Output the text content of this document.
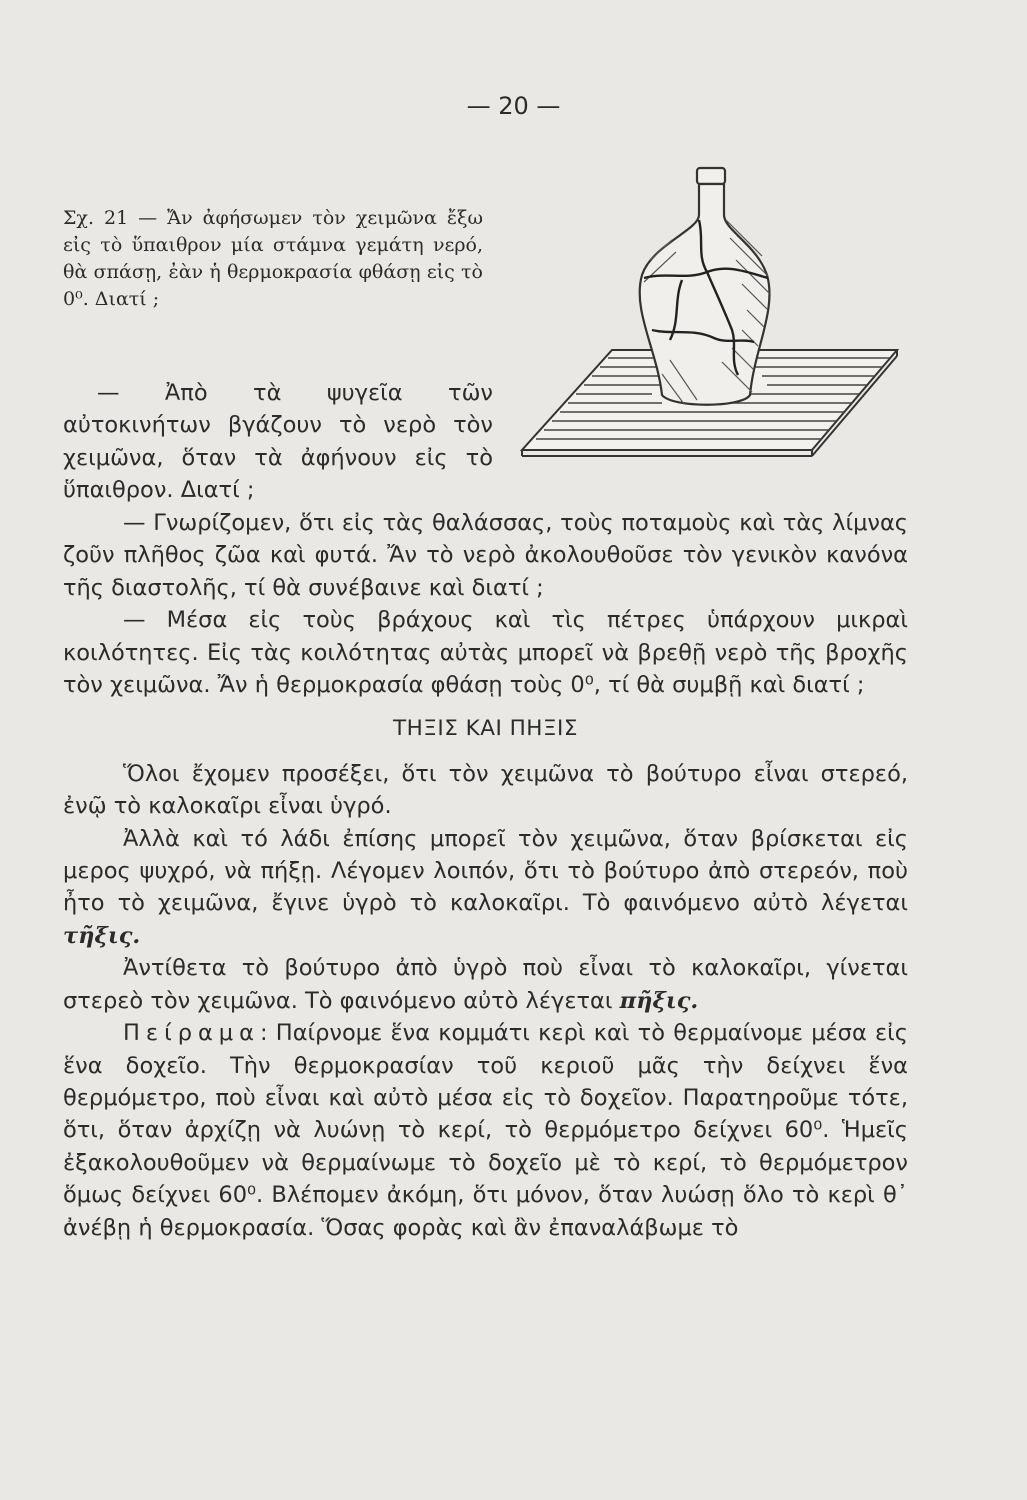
— 20 —
Σχ. 21 — Ἄν ἀφήσωμεν τὸν χειμῶνα ἔξω εἰς τὸ ὕπαιθρον μία στάμνα γεμάτη νερό, θὰ σπάσῃ, ἐὰν ἡ θερμοκρασία φθάσῃ εἰς τὸ 0⁰. Διατί ;

— Ἀπὸ τὰ ψυγεῖα τῶν αὐτοκινήτων βγάζουν τὸ νερὸ τὸν χειμῶνα, ὅταν τὰ ἀφήνουν εἰς τὸ ὕπαιθρον. Διατί ;

— Γνωρίζομεν, ὅτι εἰς τὰς θαλάσσας, τοὺς ποταμοὺς καὶ τὰς λίμνας ζοῦν πλῆθος ζῶα καὶ φυτά. Ἄν τὸ νερὸ ἀκολουθοῦσε τὸν γενικὸν κανόνα τῆς διαστολῆς, τί θὰ συνέβαινε καὶ διατί ;

— Μέσα εἰς τοὺς βράχους καὶ τὶς πέτρες ὑπάρχουν μικραὶ κοιλότητες. Εἰς τὰς κοιλότητας αὐτὰς μπορεῖ νὰ βρεθῇ νερὸ τῆς βροχῆς τὸν χειμῶνα. Ἄν ἡ θερμοκρασία φθάσῃ τοὺς 0⁰, τί θὰ συμβῇ καὶ διατί ;

ΤΗΞΙΣ ΚΑΙ ΠΗΞΙΣ

Ὅλοι ἔχομεν προσέξει, ὅτι τὸν χειμῶνα τὸ βούτυρο εἶναι στερεό, ἐνῷ τὸ καλοκαῖρι εἶναι ὑγρό.

Ἀλλὰ καὶ τό λάδι ἐπίσης μπορεῖ τὸν χειμῶνα, ὅταν βρίσκεται εἰς μερος ψυχρό, νὰ πήξῃ. Λέγομεν λοιπόν, ὅτι τὸ βούτυρο ἀπὸ στερεόν, ποὺ ἦτο τὸ χειμῶνα, ἔγινε ὑγρὸ τὸ καλοκαῖρι. Τὸ φαινόμενο αὐτὸ λέγεται τῆξις.

Ἀντίθετα τὸ βούτυρο ἀπὸ ὑγρὸ ποὺ εἶναι τὸ καλοκαῖρι, γίνεται στερεὸ τὸν χειμῶνα. Τὸ φαινόμενο αὐτὸ λέγεται πῆξις.

Πείραμα: Παίρνομε ἕνα κομμάτι κερὶ καὶ τὸ θερμαίνομε μέσα εἰς ἕνα δοχεῖο. Τὴν θερμοκρασίαν τοῦ κεριοῦ μᾶς τὴν δείχνει ἕνα θερμόμετρο, ποὺ εἶναι καὶ αὐτὸ μέσα εἰς τὸ δοχεῖον. Παρατηροῦμε τότε, ὅτι, ὅταν ἀρχίζῃ νὰ λυώνῃ τὸ κερί, τὸ θερμόμετρο δείχνει 60⁰. Ἡμεῖς ἐξακολουθοῦμεν νὰ θερμαίνωμε τὸ δοχεῖο μὲ τὸ κερί, τὸ θερμόμετρον ὅμως δείχνει 60⁰. Βλέπομεν ἀκόμη, ὅτι μόνον, ὅταν λυώσῃ ὅλο τὸ κερὶ θ᾽ ἀνέβῃ ἡ θερμοκρασία. Ὅσας φορὰς καὶ ἂν ἐπαναλάβωμε τὸ
